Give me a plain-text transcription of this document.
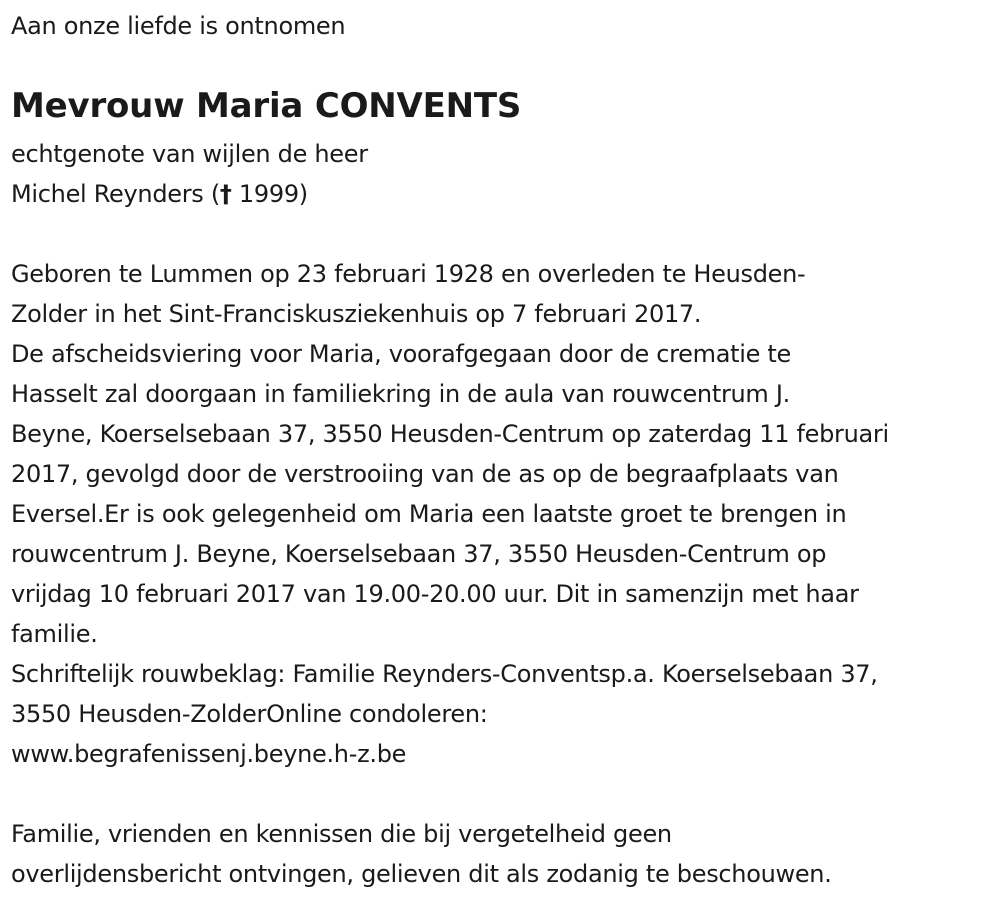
Aan onze liefde is ontnomen
Mevrouw Maria CONVENTS
echtgenote van wijlen de heer
Michel Reynders († 1999)
Geboren te Lummen op 23 februari 1928 en overleden te Heusden-
Zolder in het Sint-Franciskusziekenhuis op 7 februari 2017.
De afscheidsviering voor Maria, voorafgegaan door de crematie te
Hasselt zal doorgaan in familiekring in de aula van rouwcentrum J.
Beyne, Koerselsebaan 37, 3550 Heusden-Centrum op zaterdag 11 februari
2017, gevolgd door de verstrooiing van de as op de begraafplaats van
Eversel.Er is ook gelegenheid om Maria een laatste groet te brengen in
rouwcentrum J. Beyne, Koerselsebaan 37, 3550 Heusden-Centrum op
vrijdag 10 februari 2017 van 19.00-20.00 uur. Dit in samenzijn met haar
familie.
Schriftelijk rouwbeklag: Familie Reynders-Conventsp.a. Koerselsebaan 37,
3550 Heusden-ZolderOnline condoleren:
www.begrafenissenj.beyne.h-z.be
Familie, vrienden en kennissen die bij vergetelheid geen
overlijdensbericht ontvingen, gelieven dit als zodanig te beschouwen.
